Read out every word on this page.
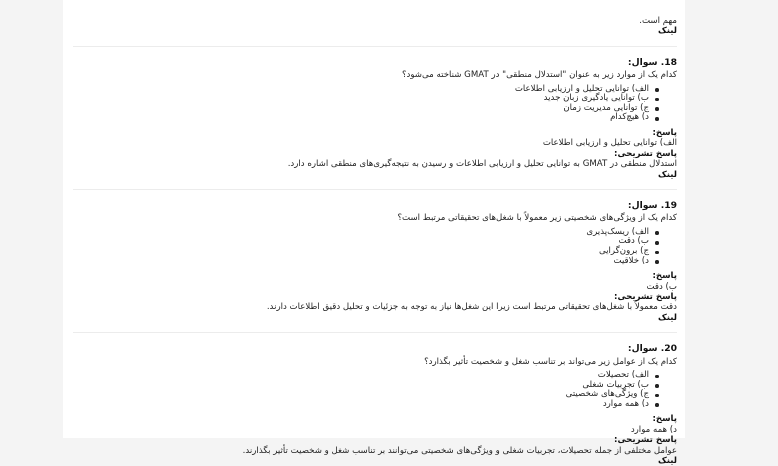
مهم است.
لینک
18. سوال:
کدام یک از موارد زیر به عنوان "استدلال منطقی" در GMAT شناخته می‌شود؟
الف) توانایی تحلیل و ارزیابی اطلاعات
ب) توانایی یادگیری زبان جدید
ج) توانایی مدیریت زمان
د) هیچ‌کدام
پاسخ:
الف) توانایی تحلیل و ارزیابی اطلاعات
پاسخ تشریحی:
استدلال منطقی در GMAT به توانایی تحلیل و ارزیابی اطلاعات و رسیدن به نتیجه‌گیری‌های منطقی اشاره دارد.
لینک
19. سوال:
کدام یک از ویژگی‌های شخصیتی زیر معمولاً با شغل‌های تحقیقاتی مرتبط است؟
الف) ریسک‌پذیری
ب) دقت
ج) برون‌گرایی
د) خلاقیت
پاسخ:
ب) دقت
پاسخ تشریحی:
دقت معمولاً با شغل‌های تحقیقاتی مرتبط است زیرا این شغل‌ها نیاز به توجه به جزئیات و تحلیل دقیق اطلاعات دارند.
لینک
20. سوال:
کدام یک از عوامل زیر می‌تواند بر تناسب شغل و شخصیت تأثیر بگذارد؟
الف) تحصیلات
ب) تجربیات شغلی
ج) ویژگی‌های شخصیتی
د) همه موارد
پاسخ:
د) همه موارد
پاسخ تشریحی:
عوامل مختلفی از جمله تحصیلات، تجربیات شغلی و ویژگی‌های شخصیتی می‌توانند بر تناسب شغل و شخصیت تأثیر بگذارند.
لینک
